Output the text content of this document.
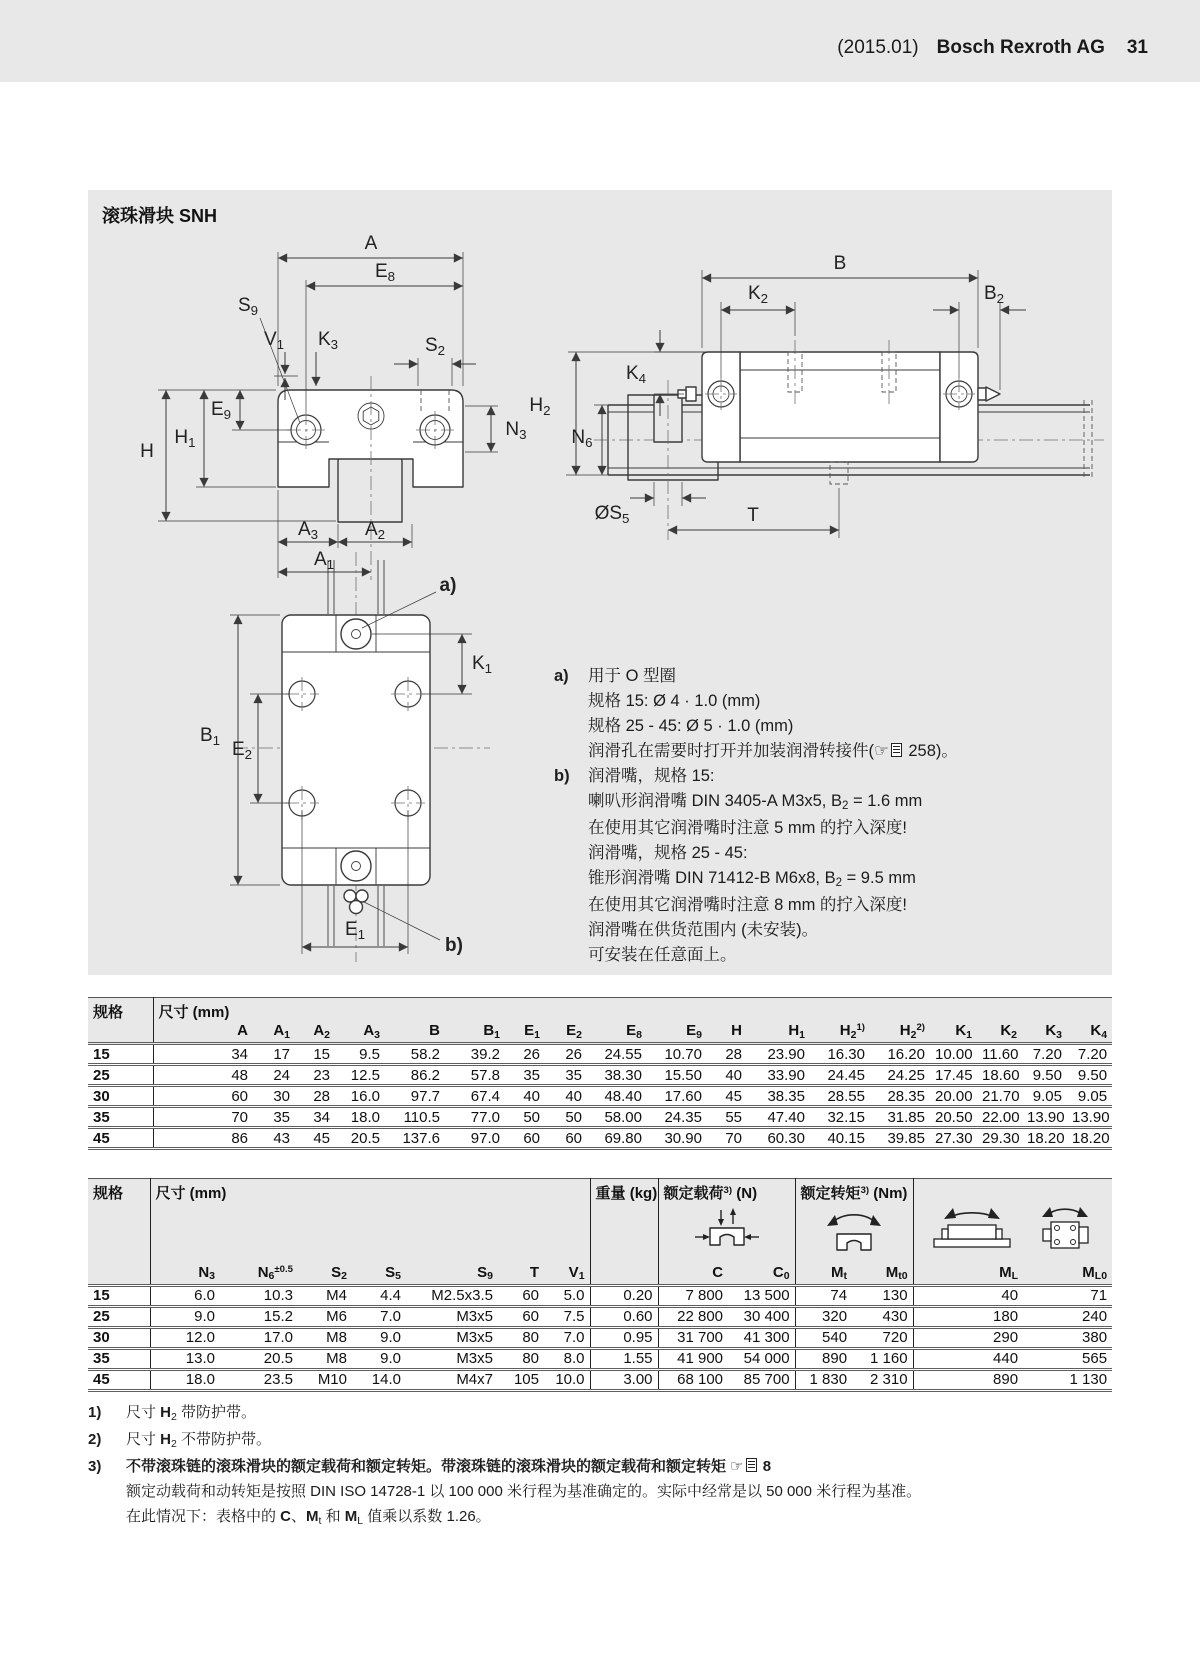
(2015.01) Bosch Rexroth AG 31
滚珠滑块 SNH
A
$E_8$
$S_9$
$V_1$ $K_3$	$S_2$
$N_3$
$E_9$
$H_1$
H
$A_3$ $A_2$
$A_1$
B
$K_2$	$B_2$
$K_4$
$H_2$
$N_6$
$ØS_5$	T
a)
$K_1$
$B_1$ $E_2$
$E_1$
b)
a)	用于 O 型圈
规格 15: Ø 4 · 1.0 (mm)
规格 25 - 45: Ø 5 · 1.0 (mm)
润滑孔在需要时打开并加装润滑转接件(☞ 258)。
b)	润滑嘴，规格 15:
喇叭形润滑嘴 DIN 3405-A M3x5, $B_2 = 1.6$ mm
在使用其它润滑嘴时注意 5 mm 的拧入深度!
润滑嘴，规格 25 - 45:
锥形润滑嘴 DIN 71412-B M6x8, $B_2 = 9.5$ mm
在使用其它润滑嘴时注意 8 mm 的拧入深度!
润滑嘴在供货范围内 (未安装)。
可安装在任意面上。
规格	尺寸 (mm)																	
	A	$A_1$	$A_2$	$A_3$	B	$B_1$	$E_1$	$E_2$	$E_8$	$E_9$	H	$H_1$	$H_2^{1)}$	$H_2^{2)}$	$K_1$	$K_2$	$K_3$	$K_4$
15	34	17	15	9.5	58.2	39.2	26	26	24.55	10.70	28	23.90	16.30	16.20	10.00	11.60	7.20	7.20
25	48	24	23	12.5	86.2	57.8	35	35	38.30	15.50	40	33.90	24.45	24.25	17.45	18.60	9.50	9.50
30	60	30	28	16.0	97.7	67.4	40	40	48.40	17.60	45	38.35	28.55	28.35	20.00	21.70	9.05	9.05
35	70	35	34	18.0	110.5	77.0	50	50	58.00	24.35	55	47.40	32.15	31.85	20.50	22.00	13.90	13.90
45	86	43	45	20.5	137.6	97.0	60	60	69.80	30.90	70	60.30	40.15	39.85	27.30	29.30	18.20	18.20
规格	尺寸 (mm)							重量 (kg)	额定载荷$^{3)}$ (N)		额定转矩$^{3)}$ (Nm)

	$N_3$	$N_6^{\pm 0.5}$	$S_2$	$S_5$	$S_9$	T	$V_1$		C	$C_0$	$M_t$	$M_{t0}$	$M_L$	$M_{L0}$
15	6.0	10.3	M4	4.4	M2.5x3.5	60	5.0	0.20	7 800	13 500	74	130	40	71
25	9.0	15.2	M6	7.0	M3x5	60	7.5	0.60	22 800	30 400	320	430	180	240
30	12.0	17.0	M8	9.0	M3x5	80	7.0	0.95	31 700	41 300	540	720	290	380
35	13.0	20.5	M8	9.0	M3x5	80	8.0	1.55	41 900	54 000	890	1 160	440	565
45	18.0	23.5	M10	14.0	M4x7	105	10.0	3.00	68 100	85 700	1 830	2 310	890	1 130
1)	尺寸 $H_2$ 带防护带。
2)	尺寸 $H_2$ 不带防护带。
3)	不带滚珠链的滚珠滑块的额定载荷和额定转矩。带滚珠链的滚珠滑块的额定载荷和额定转矩 ☞ 8
额定动载荷和动转矩是按照 DIN ISO 14728-1 以 100 000 米行程为基准确定的。实际中经常是以 50 000 米行程为基准。
在此情况下：表格中的 C、$M_t$ 和 $M_L$ 值乘以系数 1.26。
